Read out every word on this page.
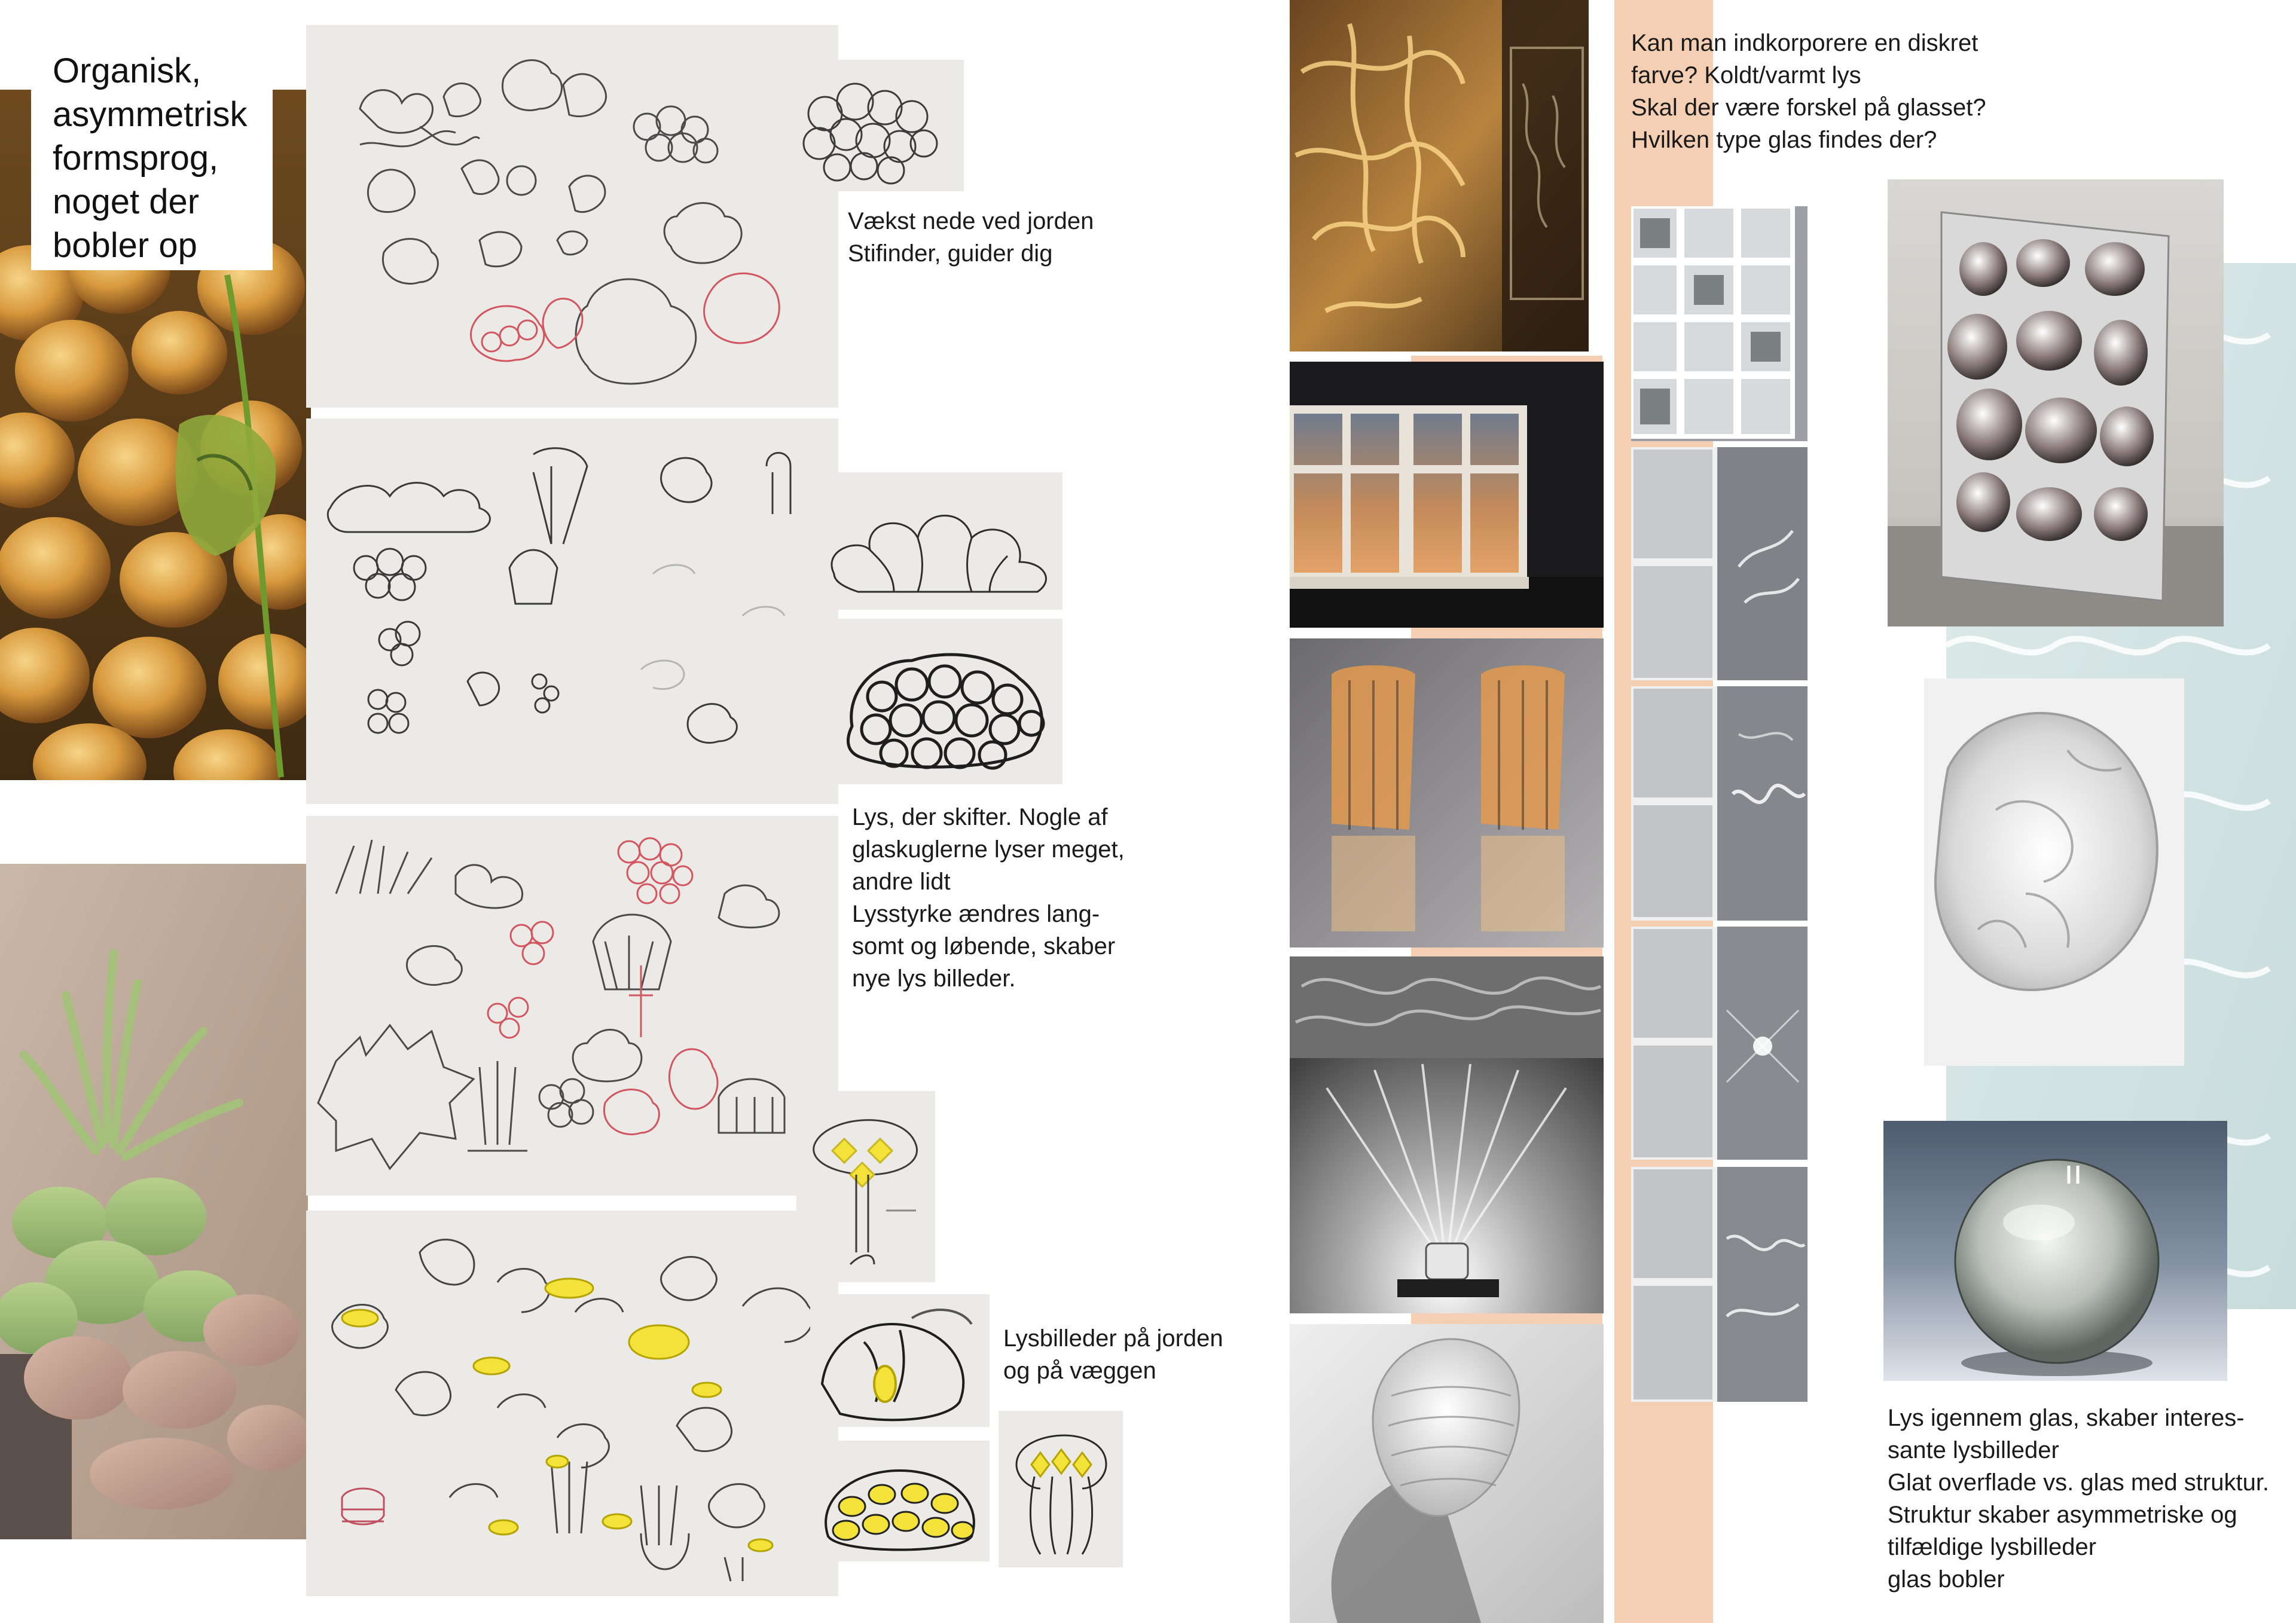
Organisk,
asymmetrisk
formsprog,
noget der
bobler op
Vækst nede ved jorden
Stifinder, guider dig
Lys, der skifter. Nogle af
glaskuglerne lyser meget,
andre lidt
Lysstyrke ændres lang-
somt og løbende, skaber
nye lys billeder.
Lysbilleder på jorden
og på væggen
Kan man indkorporere en diskret
farve? Koldt/varmt lys
Skal der være forskel på glasset?
Hvilken type glas findes der?
Lys igennem glas, skaber interes-
sante lysbilleder
Glat overflade vs. glas med struktur.
Struktur skaber asymmetriske og
tilfældige lysbilleder
glas bobler
